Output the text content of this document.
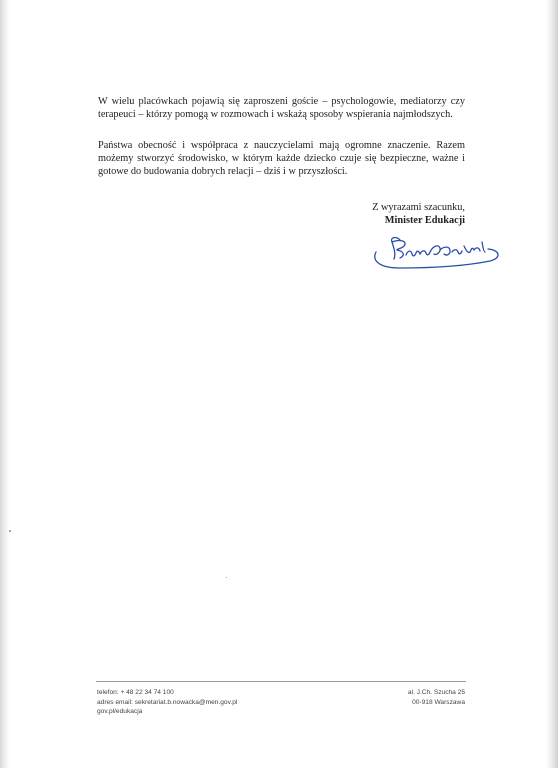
W wielu placówkach pojawią się zaproszeni goście – psychologowie, mediatorzy czy terapeuci – którzy pomogą w rozmowach i wskażą sposoby wspierania najmłodszych.

Państwa obecność i współpraca z nauczycielami mają ogromne znaczenie. Razem możemy stworzyć środowisko, w którym każde dziecko czuje się bezpieczne, ważne i gotowe do budowania dobrych relacji – dziś i w przyszłości.

Z wyrazami szacunku,
Minister Edukacji
telefon: + 48 22 34 74 100
adres email: sekretariat.b.nowacka@men.gov.pl
gov.pl/edukacja
al. J.Ch. Szucha 25
00-918 Warszawa
